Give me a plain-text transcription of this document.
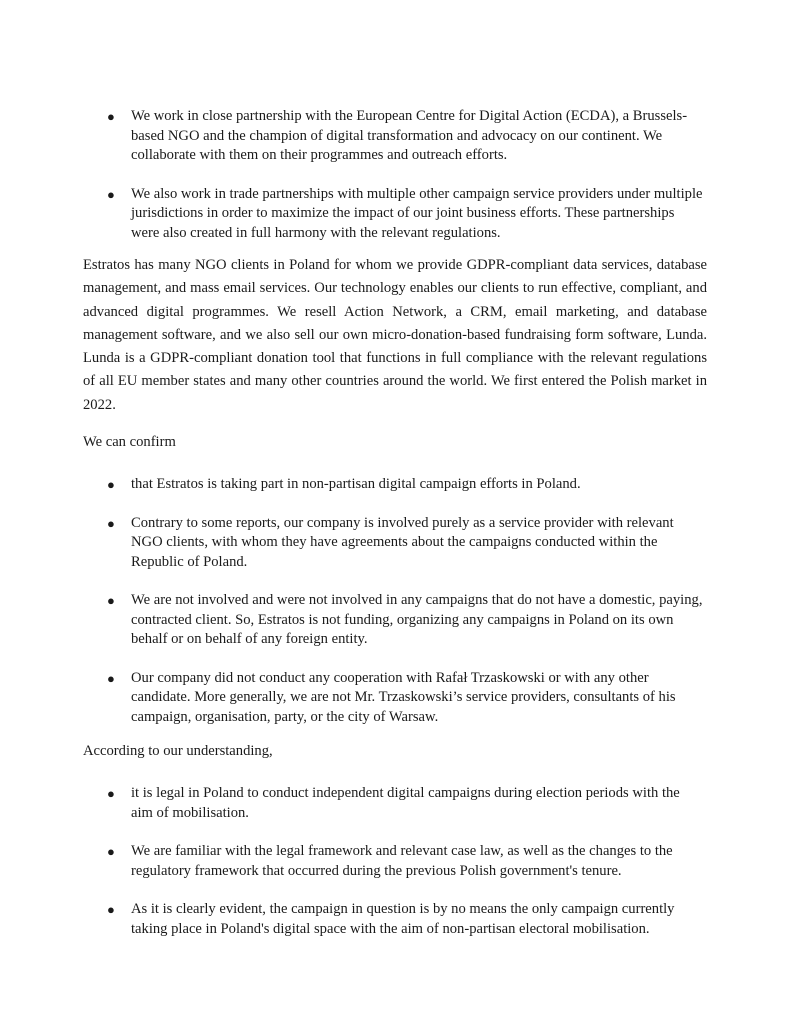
● We work in close partnership with the European Centre for Digital Action (ECDA), a Brussels-based NGO and the champion of digital transformation and advocacy on our continent. We collaborate with them on their programmes and outreach efforts.
● We also work in trade partnerships with multiple other campaign service providers under multiple jurisdictions in order to maximize the impact of our joint business efforts. These partnerships were also created in full harmony with the relevant regulations.

Estratos has many NGO clients in Poland for whom we provide GDPR-compliant data services, database management, and mass email services. Our technology enables our clients to run effective, compliant, and advanced digital programmes. We resell Action Network, a CRM, email marketing, and database management software, and we also sell our own micro-donation-based fundraising form software, Lunda. Lunda is a GDPR-compliant donation tool that functions in full compliance with the relevant regulations of all EU member states and many other countries around the world. We first entered the Polish market in 2022.

We can confirm
● that Estratos is taking part in non-partisan digital campaign efforts in Poland.
● Contrary to some reports, our company is involved purely as a service provider with relevant NGO clients, with whom they have agreements about the campaigns conducted within the Republic of Poland.
● We are not involved and were not involved in any campaigns that do not have a domestic, paying, contracted client. So, Estratos is not funding, organizing any campaigns in Poland on its own behalf or on behalf of any foreign entity.
● Our company did not conduct any cooperation with Rafał Trzaskowski or with any other candidate. More generally, we are not Mr. Trzaskowski’s service providers, consultants of his campaign, organisation, party, or the city of Warsaw.
According to our understanding,
● it is legal in Poland to conduct independent digital campaigns during election periods with the aim of mobilisation.
● We are familiar with the legal framework and relevant case law, as well as the changes to the regulatory framework that occurred during the previous Polish government's tenure.
● As it is clearly evident, the campaign in question is by no means the only campaign currently taking place in Poland's digital space with the aim of non-partisan electoral mobilisation.
